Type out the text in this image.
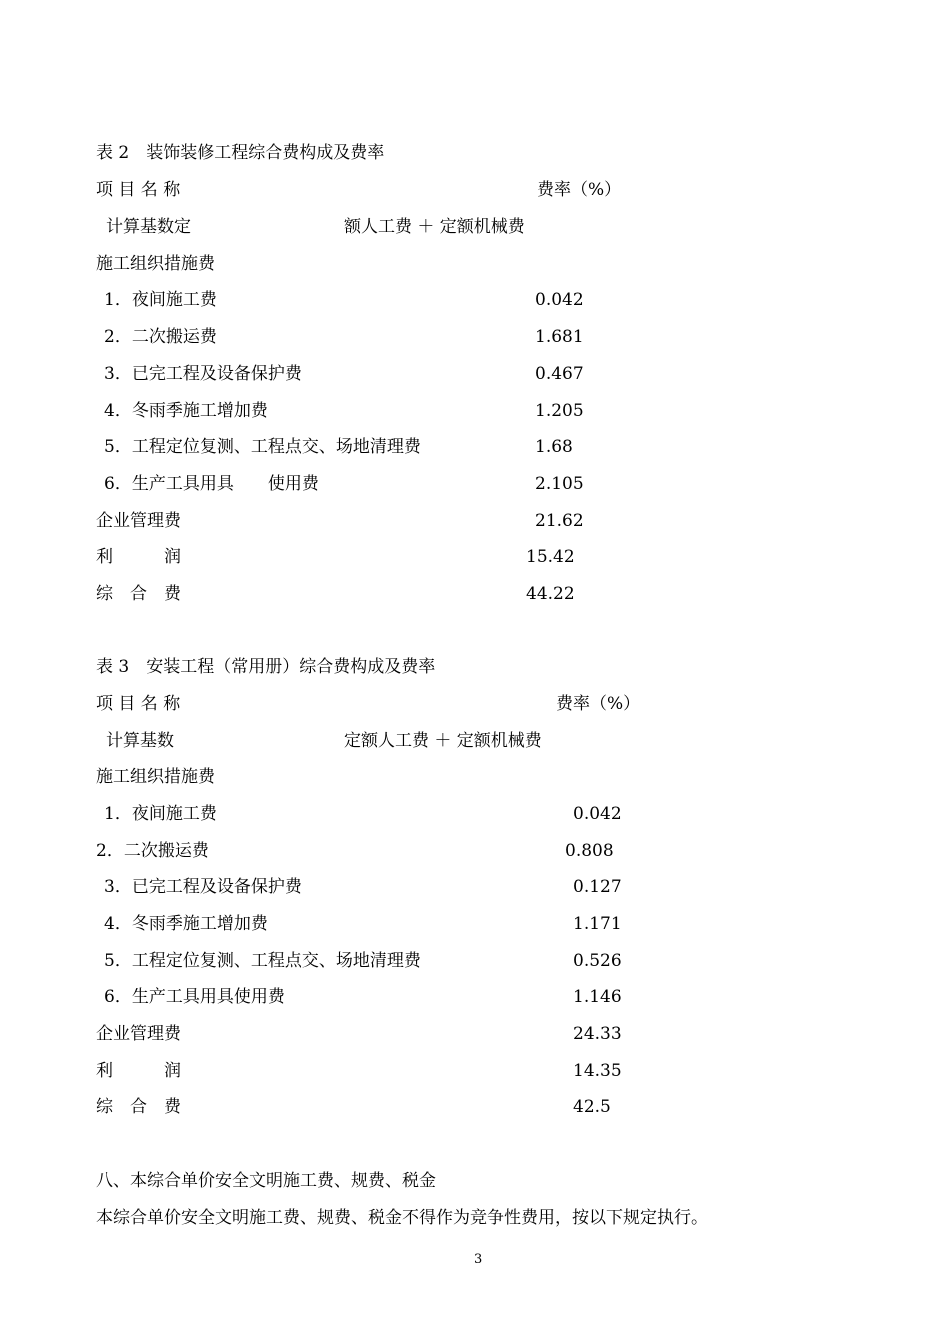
表 2　装饰装修工程综合费构成及费率
项 目 名 称	费率（%）
计算基数定	额人工费 ＋ 定额机械费
施工组织措施费
1．夜间施工费	0.042
2．二次搬运费	1.681
3．已完工程及设备保护费	0.467
4．冬雨季施工增加费	1.205
5．工程定位复测、工程点交、场地清理费	1.68
6．生产工具用具　　使用费	2.105
企业管理费	21.62
利　　　润	15.42
综　合　费	44.22
表 3　安装工程（常用册）综合费构成及费率
项 目 名 称	费率（%）
计算基数	定额人工费 ＋ 定额机械费
施工组织措施费
1．夜间施工费	0.042
2．二次搬运费	0.808
3．已完工程及设备保护费	0.127
4．冬雨季施工增加费	1.171
5．工程定位复测、工程点交、场地清理费	0.526
6．生产工具用具使用费	1.146
企业管理费	24.33
利　　　润	14.35
综　合　费	42.5
八、本综合单价安全文明施工费、规费、税金
本综合单价安全文明施工费、规费、税金不得作为竞争性费用，按以下规定执行。
3
